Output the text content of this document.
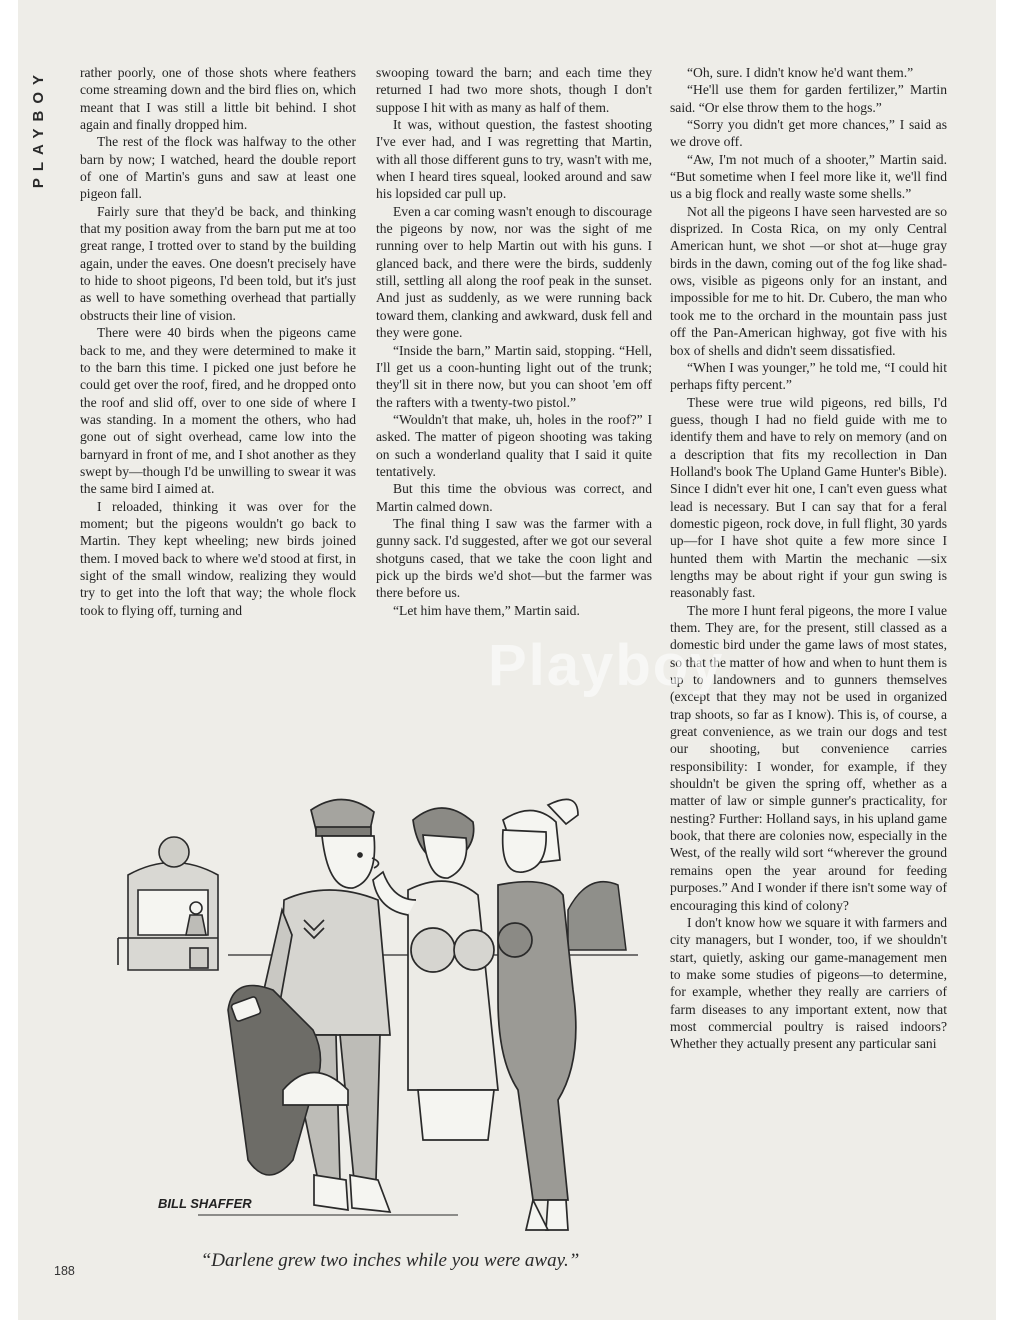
PLAYBOY rather poorly, one of those shots where feathers come streaming down and the bird flies on, which meant that I was still a little bit behind. I shot again and finally dropped him.

The rest of the flock was halfway to the other barn by now; I watched, heard the double report of one of Martin's guns and saw at least one pigeon fall.

Fairly sure that they'd be back, and thinking that my position away from the barn put me at too great range, I trotted over to stand by the building again, under the eaves. One doesn't precisely have to hide to shoot pigeons, I'd been told, but it's just as well to have something overhead that partially obstructs their line of vision.

There were 40 birds when the pigeons came back to me, and they were determined to make it to the barn this time. I picked one just before he could get over the roof, fired, and he dropped onto the roof and slid off, over to one side of where I was standing. In a moment the others, who had gone out of sight overhead, came low into the barnyard in front of me, and I shot another as they swept by—though I'd be unwilling to swear it was the same bird I aimed at.

I reloaded, thinking it was over for the moment; but the pigeons wouldn't go back to Martin. They kept wheeling; new birds joined them. I moved back to where we'd stood at first, in sight of the small window, realizing they would try to get into the loft that way; the whole flock took to flying off, turning and

swooping toward the barn; and each time they returned I had two more shots, though I don't suppose I hit with as many as half of them.

It was, without question, the fastest shooting I've ever had, and I was regretting that Martin, with all those different guns to try, wasn't with me, when I heard tires squeal, looked around and saw his lopsided car pull up.

Even a car coming wasn't enough to discourage the pigeons by now, nor was the sight of me running over to help Martin out with his guns. I glanced back, and there were the birds, suddenly still, settling all along the roof peak in the sunset. And just as suddenly, as we were running back toward them, clanking and awkward, dusk fell and they were gone.

“Inside the barn,” Martin said, stopping. “Hell, I'll get us a coon-hunting light out of the trunk; they'll sit in there now, but you can shoot 'em off the rafters with a twenty-two pistol.”

“Wouldn't that make, uh, holes in the roof?” I asked. The matter of pigeon shooting was taking on such a wonderland quality that I said it quite tentatively.

But this time the obvious was correct, and Martin calmed down.

The final thing I saw was the farmer with a gunny sack. I'd suggested, after we got our several shotguns cased, that we take the coon light and pick up the birds we'd shot—but the farmer was there before us.

“Let him have them,” Martin said.

“Oh, sure. I didn't know he'd want them.”

“He'll use them for garden fertilizer,” Martin said. “Or else throw them to the hogs.”

“Sorry you didn't get more chances,” I said as we drove off.

“Aw, I'm not much of a shooter,” Martin said. “But sometime when I feel more like it, we'll find us a big flock and really waste some shells.”

Not all the pigeons I have seen harvested are so disprized. In Costa Rica, on my only Central American hunt, we shot —or shot at—huge gray birds in the dawn, coming out of the fog like shadows, visible as pigeons only for an instant, and impossible for me to hit. Dr. Cubero, the man who took me to the orchard in the mountain pass just off the Pan-American highway, got five with his box of shells and didn't seem dissatisfied.

“When I was younger,” he told me, “I could hit perhaps fifty percent.”

These were true wild pigeons, red bills, I'd guess, though I had no field guide with me to identify them and have to rely on memory (and on a description that fits my recollection in Dan Holland's book The Upland Game Hunter's Bible). Since I didn't ever hit one, I can't even guess what lead is necessary. But I can say that for a feral domestic pigeon, rock dove, in full flight, 30 yards up—for I have shot quite a few more since I hunted them with Martin the mechanic —six lengths may be about right if your gun swing is reasonably fast.

The more I hunt feral pigeons, the more I value them. They are, for the present, still classed as a domestic bird under the game laws of most states, so that the matter of how and when to hunt them is up to landowners and to gunners themselves (except that they may not be used in organized trap shoots, so far as I know). This is, of course, a great convenience, as we train our dogs and test our shooting, but convenience carries responsibility: I wonder, for example, if they shouldn't be given the spring off, whether as a matter of law or simple gunner's practicality, for nesting? Further: Holland says, in his upland game book, that there are colonies now, especially in the West, of the really wild sort “wherever the ground remains open the year around for feeding purposes.” And I wonder if there isn't some way of encouraging this kind of colony?

I don't know how we square it with farmers and city managers, but I wonder, too, if we shouldn't start, quietly, asking our game-management men to make some studies of pigeons—to determine, for example, whether they really are carriers of farm diseases to any important extent, now that most commercial poultry is raised indoors? Whether they actually present any particular sani

Playboy
BILL SHAFFER
“Darlene grew two inches while you were away.”
188
